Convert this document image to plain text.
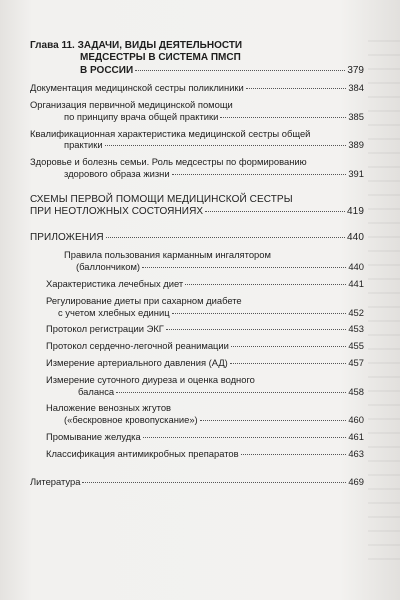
Глава 11. ЗАДАЧИ, ВИДЫ ДЕЯТЕЛЬНОСТИ
МЕДСЕСТРЫ В СИСТЕМА ПМСП
В РОССИИ	379
Документация медицинской сестры поликлиники	384
Организация первичной медицинской помощи
по принципу врача общей практики	385
Квалификационная характеристика медицинской сестры общей
практики	389
Здоровье и болезнь семьи. Роль медсестры по формированию
здорового образа жизни	391
СХЕМЫ ПЕРВОЙ ПОМОЩИ МЕДИЦИНСКОЙ СЕСТРЫ
ПРИ НЕОТЛОЖНЫХ СОСТОЯНИЯХ	419
ПРИЛОЖЕНИЯ	440
Правила пользования карманным ингалятором
(баллончиком)	440
Характеристика лечебных диет	441
Регулирование диеты при сахарном диабете
с учетом хлебных единиц	452
Протокол регистрации ЭКГ	453
Протокол сердечно-легочной реанимации	455
Измерение артериального давления (АД)	457
Измерение суточного диуреза и оценка водного
баланса	458
Наложение венозных жгутов
(«бескровное кровопускание»)	460
Промывание желудка	461
Классификация антимикробных препаратов	463
Литература	469
